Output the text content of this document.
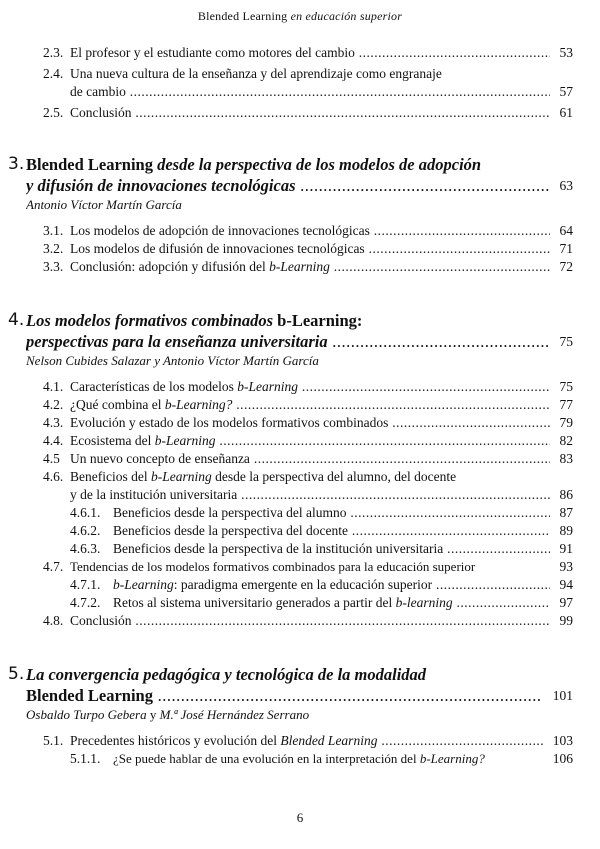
Blended Learning en educación superior
2.3. El profesor y el estudiante como motores del cambio .....	53
2.4. Una nueva cultura de la enseñanza y del aprendizaje como engranaje
de cambio .....	57
2.5. Conclusión .....	61
3. Blended Learning desde la perspectiva de los modelos de adopción
y difusión de innovaciones tecnológicas .....	63
Antonio Víctor Martín García
3.1. Los modelos de adopción de innovaciones tecnológicas .....	64
3.2. Los modelos de difusión de innovaciones tecnológicas .....	71
3.3. Conclusión: adopción y difusión del b-Learning .....	72
4. Los modelos formativos combinados b-Learning:
perspectivas para la enseñanza universitaria .....	75
Nelson Cubides Salazar y Antonio Víctor Martín García
4.1. Características de los modelos b-Learning .....	75
4.2. ¿Qué combina el b-Learning? .....	77
4.3. Evolución y estado de los modelos formativos combinados .....	79
4.4. Ecosistema del b-Learning .....	82
4.5 Un nuevo concepto de enseñanza .....	83
4.6. Beneficios del b-Learning desde la perspectiva del alumno, del docente
y de la institución universitaria .....	86
4.6.1. Beneficios desde la perspectiva del alumno .....	87
4.6.2. Beneficios desde la perspectiva del docente .....	89
4.6.3. Beneficios desde la perspectiva de la institución universitaria .....	91
4.7. Tendencias de los modelos formativos combinados para la educación superior	93
4.7.1. b-Learning: paradigma emergente en la educación superior .....	94
4.7.2. Retos al sistema universitario generados a partir del b-learning .....	97
4.8. Conclusión .....	99
5. La convergencia pedagógica y tecnológica de la modalidad
Blended Learning .....	101
Osbaldo Turpo Gebera y M.ª José Hernández Serrano
5.1. Precedentes históricos y evolución del Blended Learning .....	103
5.1.1. ¿Se puede hablar de una evolución en la interpretación del b-Learning?	106
6
